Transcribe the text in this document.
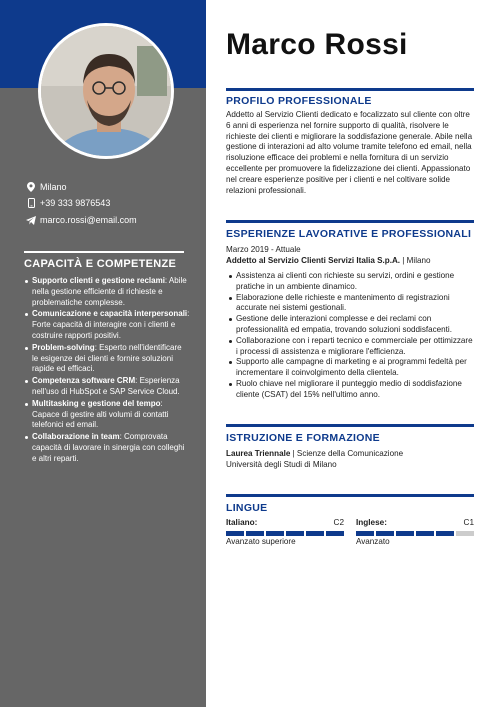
Milano
+39 333 9876543
marco.rossi@email.com
CAPACITÀ E COMPETENZE
Supporto clienti e gestione reclami: Abile nella gestione efficiente di richieste e problematiche complesse.
Comunicazione e capacità interpersonali: Forte capacità di interagire con i clienti e costruire rapporti positivi.
Problem-solving: Esperto nell'identificare le esigenze dei clienti e fornire soluzioni rapide ed efficaci.
Competenza software CRM: Esperienza nell'uso di HubSpot e SAP Service Cloud.
Multitasking e gestione del tempo: Capace di gestire alti volumi di contatti telefonici ed email.
Collaborazione in team: Comprovata capacità di lavorare in sinergia con colleghi e altri reparti.
Marco Rossi
PROFILO PROFESSIONALE
Addetto al Servizio Clienti dedicato e focalizzato sul cliente con oltre 6 anni di esperienza nel fornire supporto di qualità, risolvere le richieste dei clienti e migliorare la soddisfazione generale. Abile nella gestione di interazioni ad alto volume tramite telefono ed email, nella risoluzione efficace dei problemi e nella fornitura di un servizio eccellente per promuovere la fidelizzazione dei clienti. Appassionato nel creare esperienze positive per i clienti e nel coltivare solide relazioni professionali.
ESPERIENZE LAVORATIVE E PROFESSIONALI
Marzo 2019 - Attuale
Addetto al Servizio Clienti Servizi Italia S.p.A. | Milano
Assistenza ai clienti con richieste su servizi, ordini e gestione pratiche in un ambiente dinamico.
Elaborazione delle richieste e mantenimento di registrazioni accurate nei sistemi gestionali.
Gestione delle interazioni complesse e dei reclami con professionalità ed empatia, trovando soluzioni soddisfacenti.
Collaborazione con i reparti tecnico e commerciale per ottimizzare i processi di assistenza e migliorare l'efficienza.
Supporto alle campagne di marketing e ai programmi fedeltà per incrementare il coinvolgimento della clientela.
Ruolo chiave nel migliorare il punteggio medio di soddisfazione cliente (CSAT) del 15% nell'ultimo anno.
ISTRUZIONE E FORMAZIONE
Laurea Triennale | Scienze della Comunicazione
Università degli Studi di Milano
LINGUE
Italiano:	C2
Avanzato superiore
Inglese:	C1
Avanzato
